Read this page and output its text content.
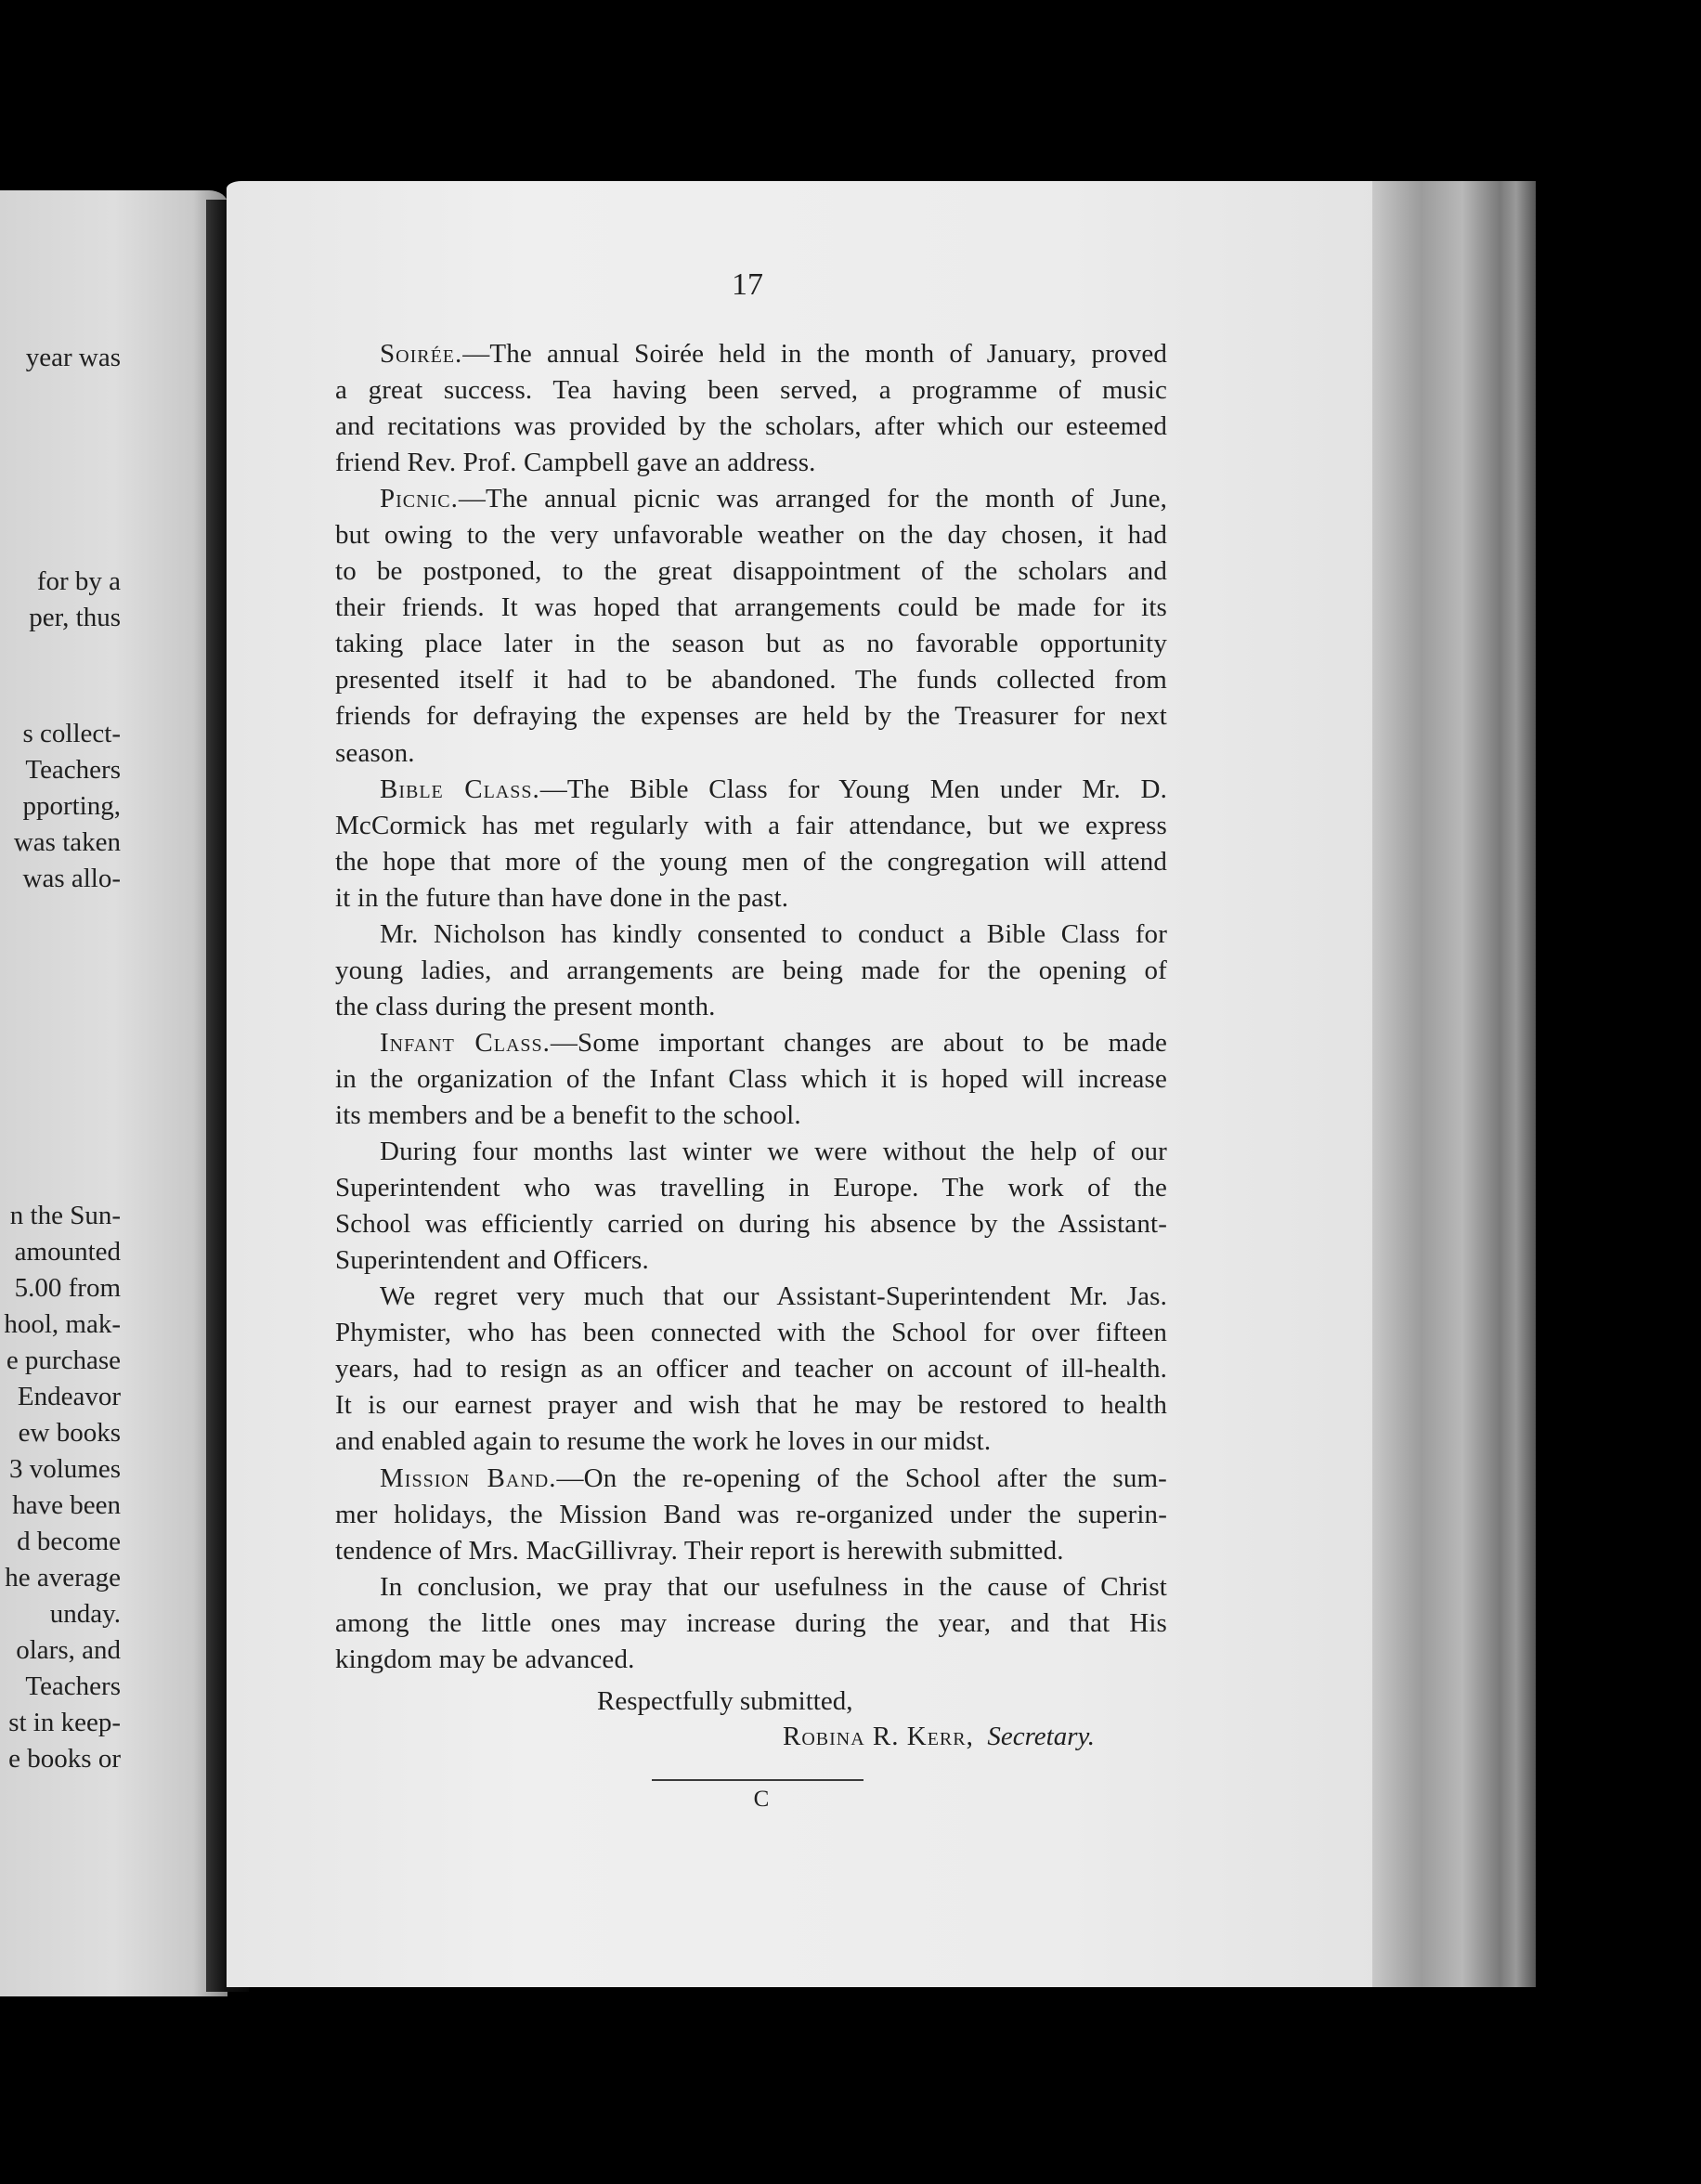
year was
for by a
per, thus
s collect-
Teachers
pporting,
was taken
was allo-
n the Sun-
amounted
5.00 from
hool, mak-
e purchase
Endeavor
ew books
3 volumes
have been
d become
he average
unday.
olars, and
Teachers
st in keep-
e books or
17
Soirée.—The annual Soirée held in the month of January, proved
a great success. Tea having been served, a programme of music
and recitations was provided by the scholars, after which our esteemed
friend Rev. Prof. Campbell gave an address.
Picnic.—The annual picnic was arranged for the month of June,
but owing to the very unfavorable weather on the day chosen, it had
to be postponed, to the great disappointment of the scholars and
their friends. It was hoped that arrangements could be made for its
taking place later in the season but as no favorable opportunity
presented itself it had to be abandoned. The funds collected from
friends for defraying the expenses are held by the Treasurer for next
season.
Bible Class.—The Bible Class for Young Men under Mr. D.
McCormick has met regularly with a fair attendance, but we express
the hope that more of the young men of the congregation will attend
it in the future than have done in the past.
Mr. Nicholson has kindly consented to conduct a Bible Class for
young ladies, and arrangements are being made for the opening of
the class during the present month.
Infant Class.—Some important changes are about to be made
in the organization of the Infant Class which it is hoped will increase
its members and be a benefit to the school.
During four months last winter we were without the help of our
Superintendent who was travelling in Europe. The work of the
School was efficiently carried on during his absence by the Assistant-
Superintendent and Officers.
We regret very much that our Assistant-Superintendent Mr. Jas.
Phymister, who has been connected with the School for over fifteen
years, had to resign as an officer and teacher on account of ill-health.
It is our earnest prayer and wish that he may be restored to health
and enabled again to resume the work he loves in our midst.
Mission Band.—On the re-opening of the School after the sum-
mer holidays, the Mission Band was re-organized under the superin-
tendence of Mrs. MacGillivray. Their report is herewith submitted.
In conclusion, we pray that our usefulness in the cause of Christ
among the little ones may increase during the year, and that His
kingdom may be advanced.
Respectfully submitted,
Robina R. Kerr, Secretary.
C
